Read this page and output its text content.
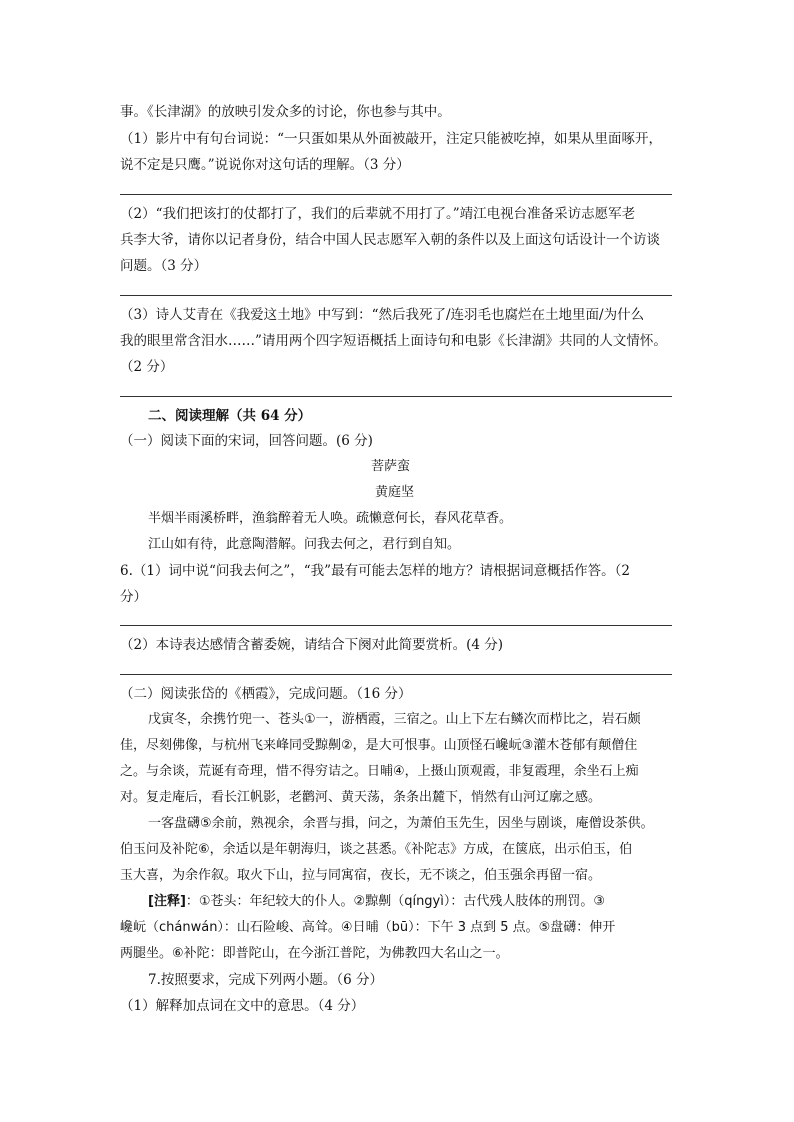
事。《长津湖》的放映引发众多的讨论，你也参与其中。
（1）影片中有句台词说：“一只蛋如果从外面被敲开，注定只能被吃掉，如果从里面啄开，
说不定是只鹰。”说说你对这句话的理解。（3 分）
（2）“我们把该打的仗都打了，我们的后辈就不用打了。”靖江电视台准备采访志愿军老
兵李大爷，请你以记者身份，结合中国人民志愿军入朝的条件以及上面这句话设计一个访谈
问题。（3 分）
（3）诗人艾青在《我爱这土地》中写到：“然后我死了/连羽毛也腐烂在土地里面/为什么
我的眼里常含泪水……”请用两个四字短语概括上面诗句和电影《长津湖》共同的人文情怀。
（2 分）
二、阅读理解（共 64 分）
（一）阅读下面的宋词，回答问题。(6 分)
菩萨蛮
黄庭坚
半烟半雨溪桥畔，渔翁醉着无人唤。疏懒意何长，春风花草香。
江山如有待，此意陶潜解。问我去何之，君行到自知。
6.（1）词中说“问我去何之”，“我”最有可能去怎样的地方？请根据词意概括作答。（2
分）
（2）本诗表达感情含蓄委婉，请结合下阕对此简要赏析。(4 分)
（二）阅读张岱的《栖霞》，完成问题。（16 分）
戊寅冬，余携竹兜一、苍头①一，游栖霞，三宿之。山上下左右鳞次而栉比之，岩石颇
佳，尽刻佛像，与杭州飞来峰同受黥劓②，是大可恨事。山顶怪石巉岏③灌木苍郁有颠僧住
之。与余谈，荒诞有奇理，惜不得穷诘之。日晡④，上摄山顶观霞，非复霞理，余坐石上痴
对。复走庵后，看长江帆影，老鹳河、黄天荡，条条出麓下，悄然有山河辽廓之感。
一客盘礴⑤余前，熟视余，余晋与揖，问之，为萧伯玉先生，因坐与剧谈，庵僧设茶供。
伯玉问及补陀⑥，余适以是年朝海归，谈之甚悉。《补陀志》方成，在箧底，出示伯玉，伯
玉大喜，为余作叙。取火下山，拉与同寓宿，夜长，无不谈之，伯玉强余再留一宿。
[注释]：①苍头：年纪较大的仆人。②黥劓（qíngyì）：古代残人肢体的刑罚。③
巉岏（chánwán）：山石险峻、高耸。④日晡（bū）：下午 3 点到 5 点。⑤盘礴：伸开
两腿坐。⑥补陀：即普陀山，在今浙江普陀，为佛教四大名山之一。
7.按照要求，完成下列两小题。（6 分）
（1）解释加点词在文中的意思。（4 分）
